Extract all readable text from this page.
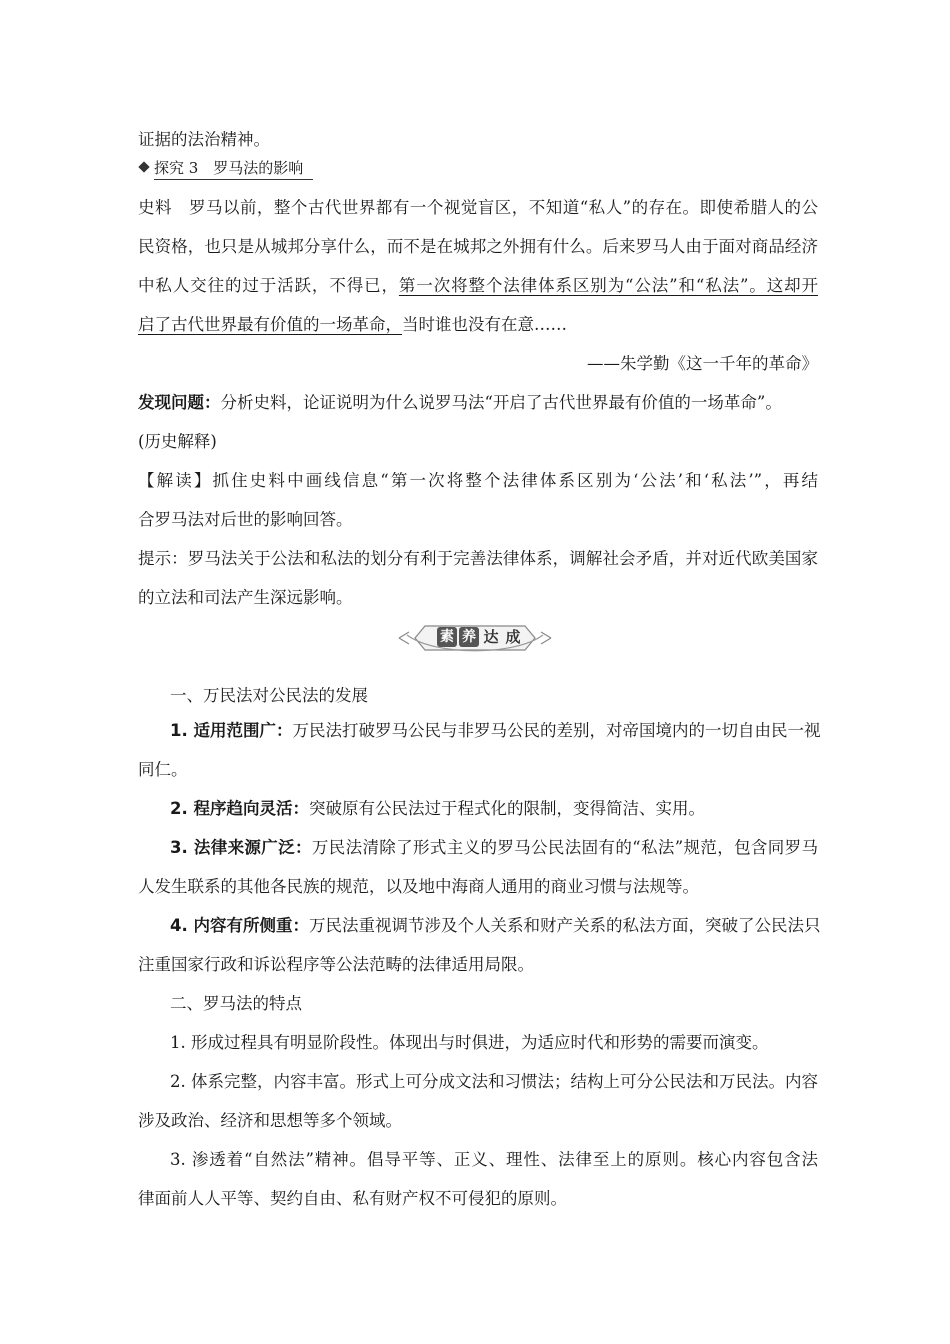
证据的法治精神。
探究 3　罗马法的影响
史料　罗马以前，整个古代世界都有一个视觉盲区，不知道“私人”的存在。即使希腊人的公
民资格，也只是从城邦分享什么，而不是在城邦之外拥有什么。后来罗马人由于面对商品经济
中私人交往的过于活跃，不得已，第一次将整个法律体系区别为“公法”和“私法”。这却开
启了古代世界最有价值的一场革命，当时谁也没有在意……
——朱学勤《这一千年的革命》
发现问题：分析史料，论证说明为什么说罗马法“开启了古代世界最有价值的一场革命”。
(历史解释)
【解读】抓住史料中画线信息“第一次将整个法律体系区别为‘公法’和‘私法’”，再结
合罗马法对后世的影响回答。
提示：罗马法关于公法和私法的划分有利于完善法律体系，调解社会矛盾，并对近代欧美国家
的立法和司法产生深远影响。
素 养 达 成
一、万民法对公民法的发展
1. 适用范围广：万民法打破罗马公民与非罗马公民的差别，对帝国境内的一切自由民一视
同仁。
2. 程序趋向灵活：突破原有公民法过于程式化的限制，变得简洁、实用。
3. 法律来源广泛：万民法清除了形式主义的罗马公民法固有的“私法”规范，包含同罗马
人发生联系的其他各民族的规范，以及地中海商人通用的商业习惯与法规等。
4. 内容有所侧重：万民法重视调节涉及个人关系和财产关系的私法方面，突破了公民法只
注重国家行政和诉讼程序等公法范畴的法律适用局限。
二、罗马法的特点
1. 形成过程具有明显阶段性。体现出与时俱进，为适应时代和形势的需要而演变。
2. 体系完整，内容丰富。形式上可分成文法和习惯法；结构上可分公民法和万民法。内容
涉及政治、经济和思想等多个领域。
3. 渗透着“自然法”精神。倡导平等、正义、理性、法律至上的原则。核心内容包含法
律面前人人平等、契约自由、私有财产权不可侵犯的原则。
